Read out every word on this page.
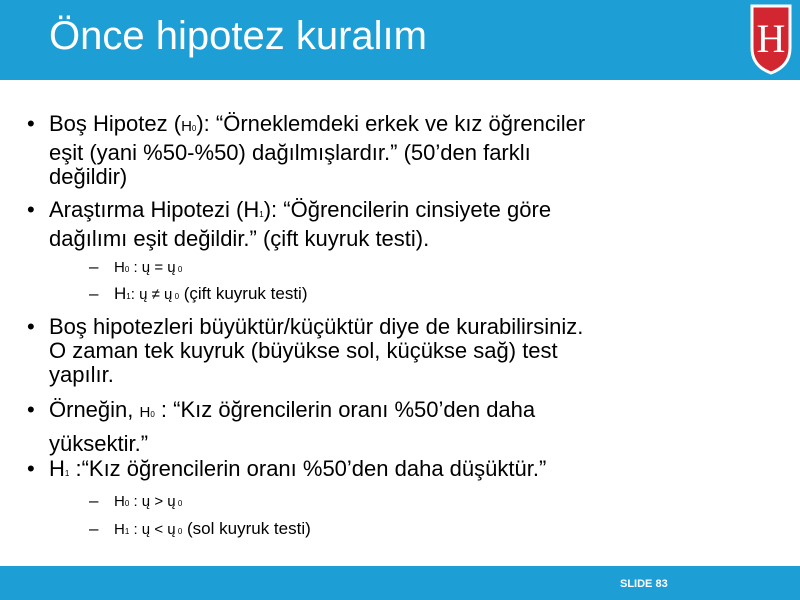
Önce hipotez kuralım	H
• Boş Hipotez (H0): “Örneklemdeki erkek ve kız öğrenciler
eşit (yani %50-%50) dağılmışlardır.” (50’den farklı
değildir)
• Araştırma Hipotezi (H1): “Öğrencilerin cinsiyete göre
dağılımı eşit değildir.” (çift kuyruk testi).
– H0 : ų = ų 0
– H1: ų ≠ ų 0 (çift kuyruk testi)
• Boş hipotezleri büyüktür/küçüktür diye de kurabilirsiniz.
O zaman tek kuyruk (büyükse sol, küçükse sağ) test
yapılır.
• Örneğin, H0 : “Kız öğrencilerin oranı %50’den daha
yüksektir.”
• H1 :“Kız öğrencilerin oranı %50’den daha düşüktür.”
– H0 : ų > ų 0
– H1 : ų < ų 0 (sol kuyruk testi)
SLIDE 83
